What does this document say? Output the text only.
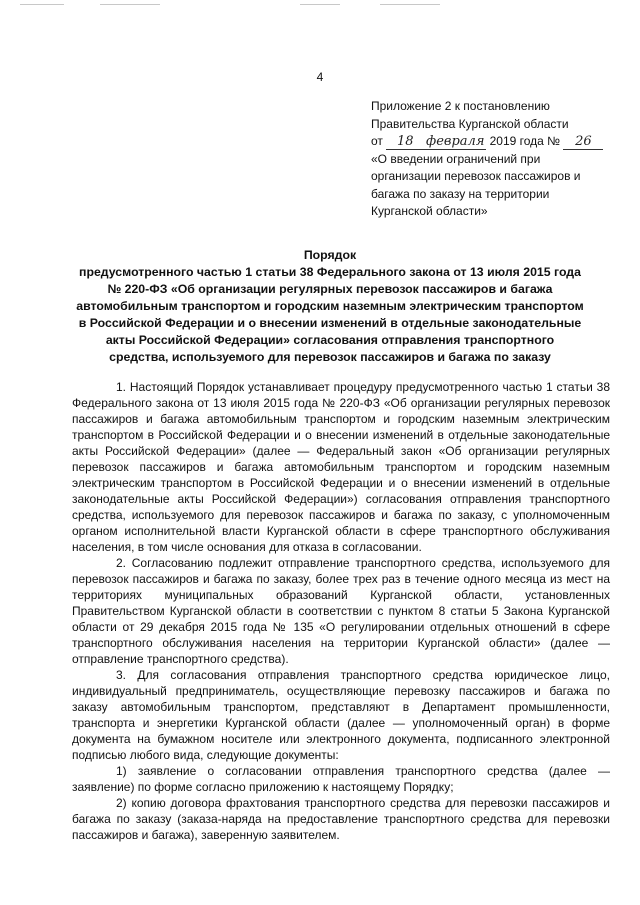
4
Приложение 2 к постановлению
Правительства Курганской области
от 18 февраля 2019 года № 26
«О введении ограничений при
организации перевозок пассажиров и
багажа по заказу на территории
Курганской области»
Порядок
предусмотренного частью 1 статьи 38 Федерального закона от 13 июля 2015 года
№ 220-ФЗ «Об организации регулярных перевозок пассажиров и багажа
автомобильным транспортом и городским наземным электрическим транспортом
в Российской Федерации и о внесении изменений в отдельные законодательные
акты Российской Федерации» согласования отправления транспортного
средства, используемого для перевозок пассажиров и багажа по заказу

1. Настоящий Порядок устанавливает процедуру предусмотренного частью 1 статьи 38 Федерального закона от 13 июля 2015 года № 220-ФЗ «Об организации регулярных перевозок пассажиров и багажа автомобильным транспортом и городским наземным электрическим транспортом в Российской Федерации и о внесении изменений в отдельные законодательные акты Российской Федерации» (далее — Федеральный закон «Об организации регулярных перевозок пассажиров и багажа автомобильным транспортом и городским наземным электрическим транспортом в Российской Федерации и о внесении изменений в отдельные законодательные акты Российской Федерации») согласования отправления транспортного средства, используемого для перевозок пассажиров и багажа по заказу, с уполномоченным органом исполнительной власти Курганской области в сфере транспортного обслуживания населения, в том числе основания для отказа в согласовании.

2. Согласованию подлежит отправление транспортного средства, используемого для перевозок пассажиров и багажа по заказу, более трех раз в течение одного месяца из мест на территориях муниципальных образований Курганской области, установленных Правительством Курганской области в соответствии с пунктом 8 статьи 5 Закона Курганской области от 29 декабря 2015 года № 135 «О регулировании отдельных отношений в сфере транспортного обслуживания населения на территории Курганской области» (далее — отправление транспортного средства).

3. Для согласования отправления транспортного средства юридическое лицо, индивидуальный предприниматель, осуществляющие перевозку пассажиров и багажа по заказу автомобильным транспортом, представляют в Департамент промышленности, транспорта и энергетики Курганской области (далее — уполномоченный орган) в форме документа на бумажном носителе или электронного документа, подписанного электронной подписью любого вида, следующие документы:

1) заявление о согласовании отправления транспортного средства (далее — заявление) по форме согласно приложению к настоящему Порядку;

2) копию договора фрахтования транспортного средства для перевозки пассажиров и багажа по заказу (заказа-наряда на предоставление транспортного средства для перевозки пассажиров и багажа), заверенную заявителем.
